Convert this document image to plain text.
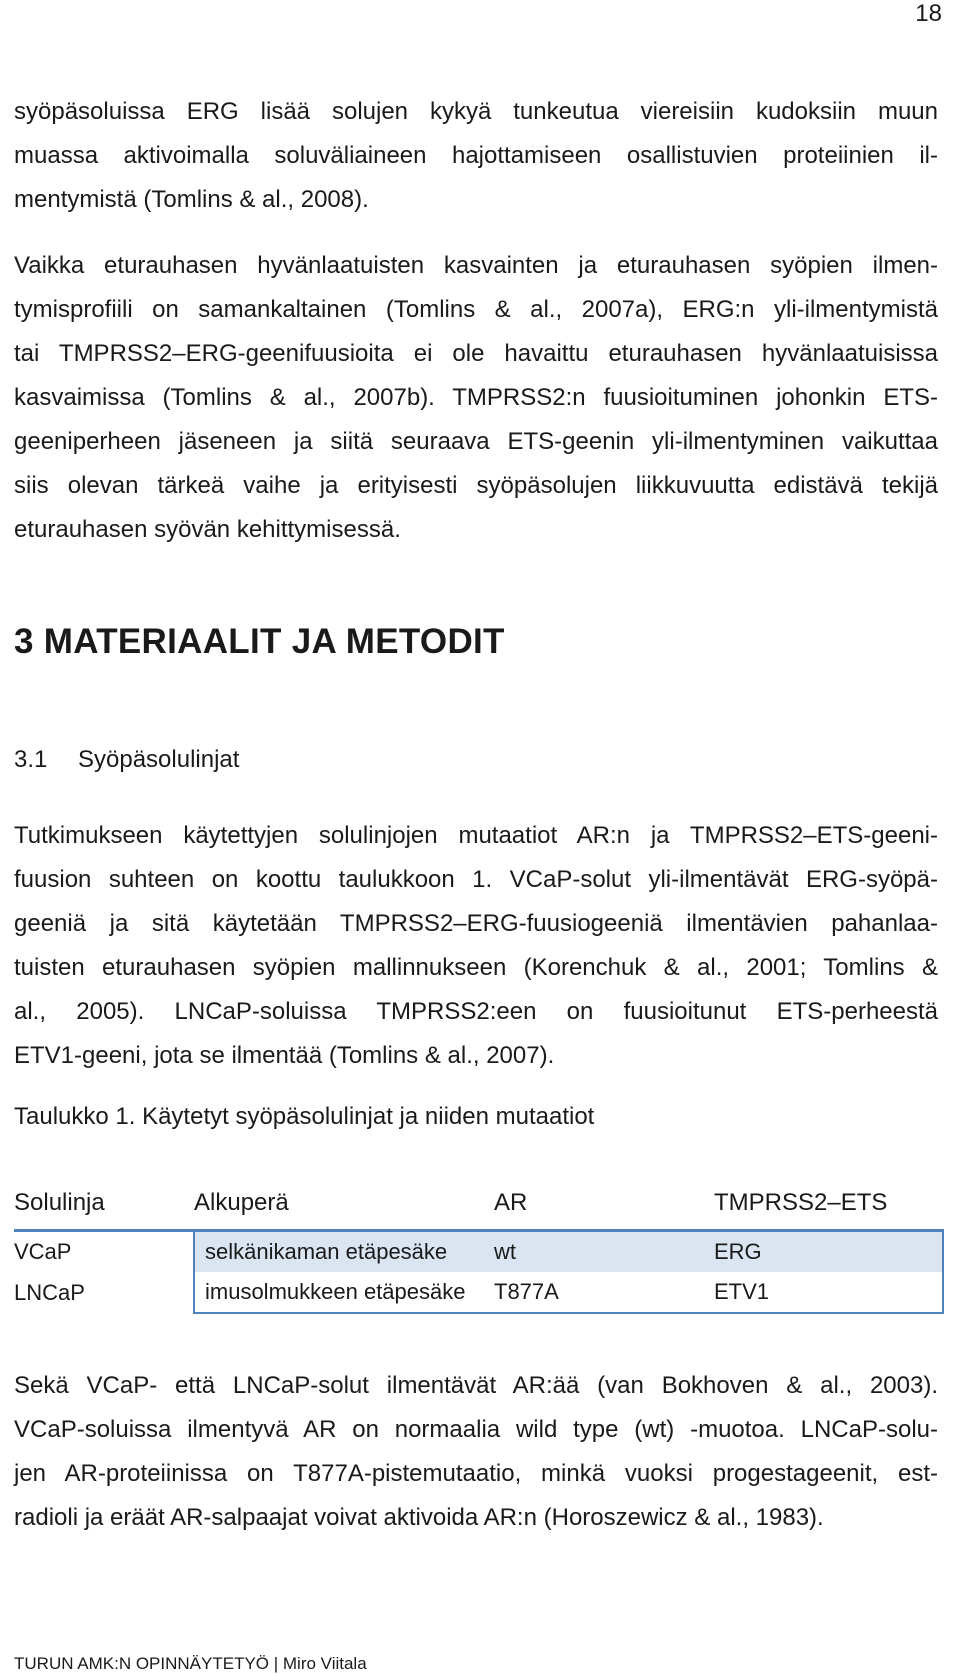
18

syöpäsoluissa ERG lisää solujen kykyä tunkeutua viereisiin kudoksiin muun
muassa aktivoimalla soluväliaineen hajottamiseen osallistuvien proteiinien il-
mentymistä (Tomlins & al., 2008).

Vaikka eturauhasen hyvänlaatuisten kasvainten ja eturauhasen syöpien ilmen-
tymisprofiili on samankaltainen (Tomlins & al., 2007a), ERG:n yli-ilmentymistä
tai TMPRSS2–ERG-geenifuusioita ei ole havaittu eturauhasen hyvänlaatuisissa
kasvaimissa (Tomlins & al., 2007b). TMPRSS2:n fuusioituminen johonkin ETS-
geeniperheen jäseneen ja siitä seuraava ETS-geenin yli-ilmentyminen vaikuttaa
siis olevan tärkeä vaihe ja erityisesti syöpäsolujen liikkuvuutta edistävä tekijä
eturauhasen syövän kehittymisessä.

3 MATERIAALIT JA METODIT
3.1 Syöpäsolulinjat

Tutkimukseen käytettyjen solulinjojen mutaatiot AR:n ja TMPRSS2–ETS-geeni-
fuusion suhteen on koottu taulukkoon 1. VCaP-solut yli-ilmentävät ERG-syöpä-
geeniä ja sitä käytetään TMPRSS2–ERG-fuusiogeeniä ilmentävien pahanlaa-
tuisten eturauhasen syöpien mallinnukseen (Korenchuk & al., 2001; Tomlins &
al., 2005). LNCaP-soluissa TMPRSS2:een on fuusioitunut ETS-perheestä
ETV1-geeni, jota se ilmentää (Tomlins & al., 2007).

Taulukko 1. Käytetyt syöpäsolulinjat ja niiden mutaatiot
Solulinja	Alkuperä	AR	TMPRSS2–ETS
VCaP	selkänikaman etäpesäke	wt	ERG
LNCaP	imusolmukkeen etäpesäke	T877A	ETV1

Sekä VCaP- että LNCaP-solut ilmentävät AR:ää (van Bokhoven & al., 2003).
VCaP-soluissa ilmentyvä AR on normaalia wild type (wt) -muotoa. LNCaP-solu-
jen AR-proteiinissa on T877A-pistemutaatio, minkä vuoksi progestageenit, est-
radioli ja eräät AR-salpaajat voivat aktivoida AR:n (Horoszewicz & al., 1983).

TURUN AMK:N OPINNÄYTETYÖ | Miro Viitala
